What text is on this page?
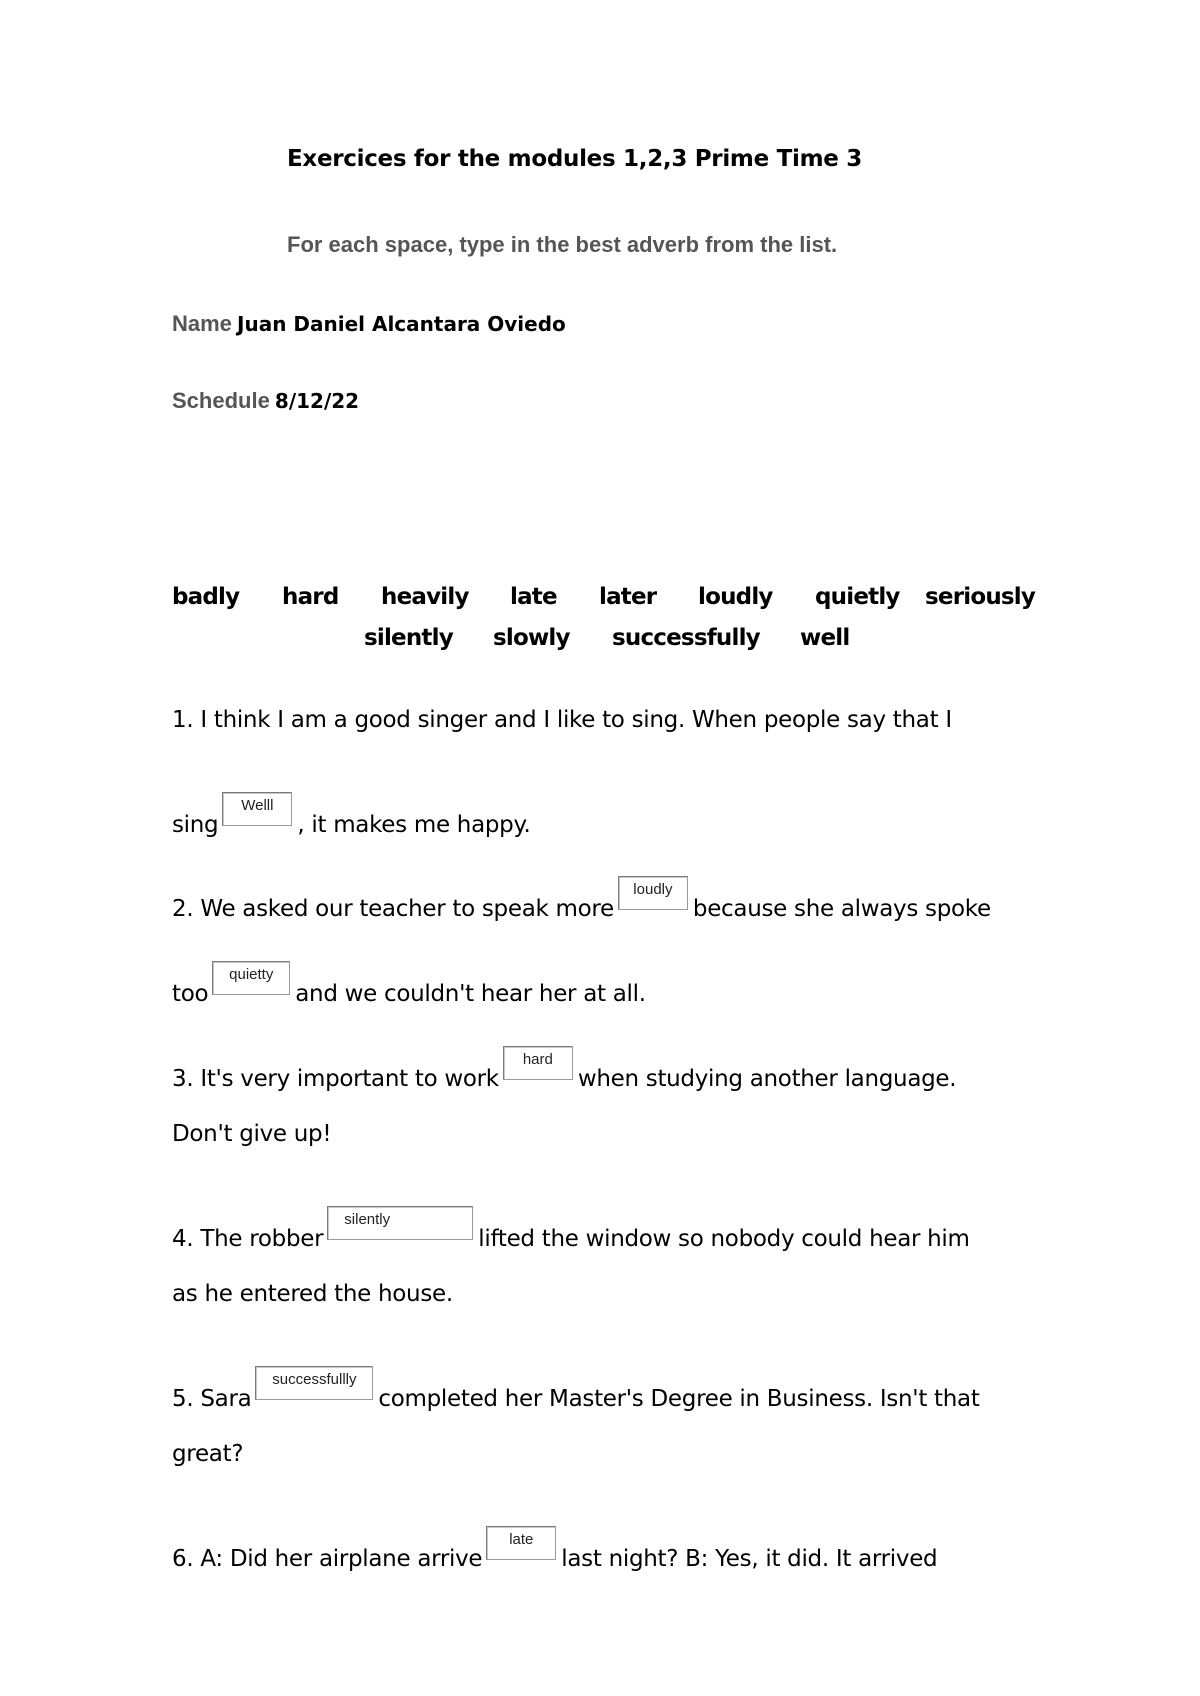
Exercices for the modules 1,2,3 Prime Time 3
For each space, type in the best adverb from the list.
Name Juan Daniel Alcantara Oviedo
Schedule 8/12/22
badly hard heavily late later loudly quietly seriously
silently slowly successfully well
1. I think I am a good singer and I like to sing. When people say that I
sing
Welll
, it makes me happy.
2. We asked our teacher to speak more
loudly
because she always spoke
too
quietty
and we couldn't hear her at all.
3. It's very important to work
hard
when studying another language.
Don't give up!
4. The robber
silently
lifted the window so nobody could hear him
as he entered the house.
5. Sara
successfullly
completed her Master's Degree in Business. Isn't that
great?
6. A: Did her airplane arrive
late
last night? B: Yes, it did. It arrived
